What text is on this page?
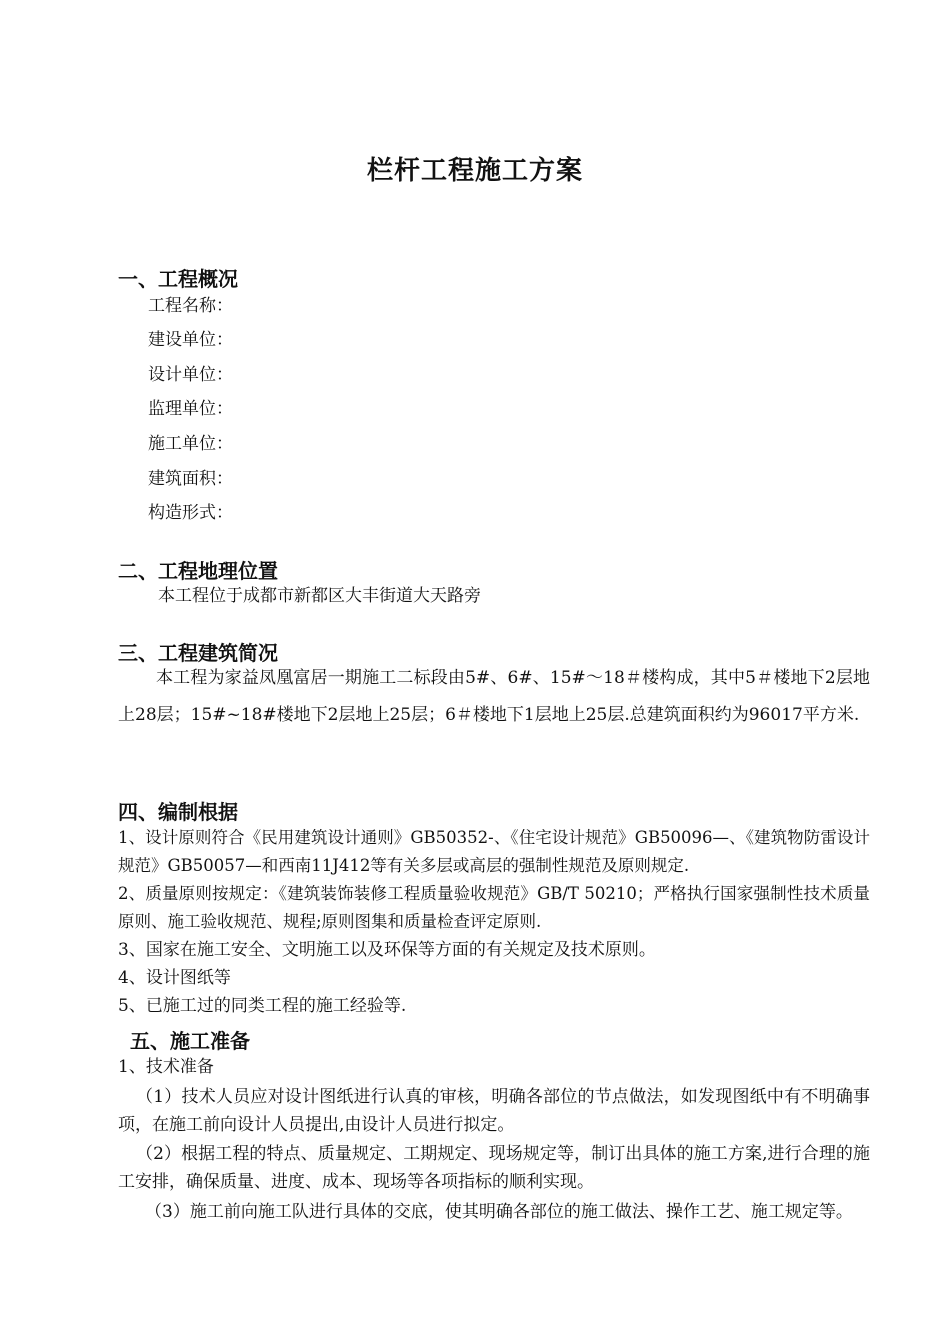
栏杆工程施工方案
一、工程概况
工程名称：
建设单位：
设计单位：
监理单位：
施工单位：
建筑面积：
构造形式：
二、工程地理位置
本工程位于成都市新都区大丰街道大天路旁
三、工程建筑简况
本工程为家益凤凰富居一期施工二标段由5#、6#、15#～18＃楼构成，其中5＃楼地下2层地上28层；15#~18#楼地下2层地上25层；6＃楼地下1层地上25层.总建筑面积约为96017平方米.
四、编制根据
1、设计原则符合《民用建筑设计通则》GB50352-、《住宅设计规范》GB50096—、《建筑物防雷设计规范》GB50057—和西南11J412等有关多层或高层的强制性规范及原则规定.
2、质量原则按规定：《建筑装饰装修工程质量验收规范》GB/T 50210；严格执行国家强制性技术质量原则、施工验收规范、规程;原则图集和质量检查评定原则.
3、国家在施工安全、文明施工以及环保等方面的有关规定及技术原则。
4、设计图纸等
5、已施工过的同类工程的施工经验等.
五、施工准备
1、技术准备
（1）技术人员应对设计图纸进行认真的审核，明确各部位的节点做法，如发现图纸中有不明确事项，在施工前向设计人员提出,由设计人员进行拟定。
（2）根据工程的特点、质量规定、工期规定、现场规定等，制订出具体的施工方案,进行合理的施工安排，确保质量、进度、成本、现场等各项指标的顺利实现。
（3）施工前向施工队进行具体的交底，使其明确各部位的施工做法、操作工艺、施工规定等。
